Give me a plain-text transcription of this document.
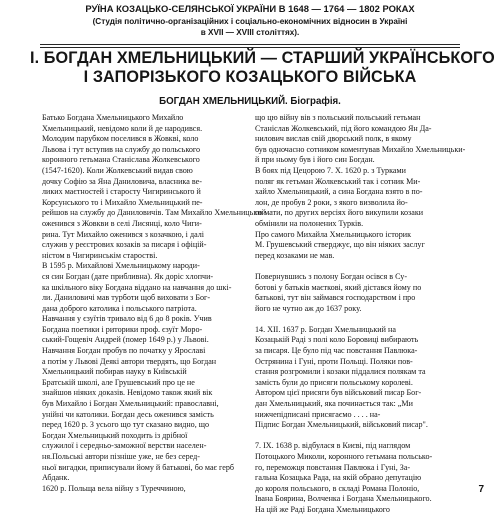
РУЇНА КОЗАЦЬКО-СЕЛЯНСЬКОЇ УКРАЇНИ В 1648 — 1764 — 1802 РОКАХ
(Студія політично-організаційних і соціально-економічних відносин в Україні
в XVII — XVIII століттях).
I. БОГДАН ХМЕЛЬНИЦЬКИЙ — СТАРШИЙ УКРАЇНСЬКОГО
І ЗАПОРІЗЬКОГО КОЗАЦЬКОГО ВІЙСЬКА
БОГДАН ХМЕЛЬНИЦЬКИЙ. Біографія.
Батько Богдана Хмельницького Михайло
Хмельницький, невідомо коли й де народився.
Молодим парубком поселився в Жовкві, коло
Львова і тут вступив на службу до польського
коронного гетьмана Станіслава Жолкевського
(1547-1620). Коли Жолкевський видав свою
дочку Софію за Яна Даниловича, власника ве-
ликих маєтностей і старосту Чигиринського й
Корсунського то і Михайло Хмельницький пе-
рейшов на службу до Даниловичів. Там Михайло Хмельницький
оженився з Жовкви в селі Лисянці, коло Чиги-
рина. Тут Михайло оженився з козачкою, і далі
служив у реєстрових козаків за писаря і офіцій-
ністом в Чигиринськім старостві.
В 1595 р. Михайлові Хмельницькому народи-
ся син Богдан (дате прибливна). Як доріс хлопчи-
ка шкільного віку Богдана віддано на навчання до шкі-
ли. Даниловичі мав турботи щоб виховати з Бог-
дана доброго католика і польського патріота.
Навчання у єзуїтів тривало від 6 до 8 років. Учив
Богдана поетики і риторики проф. єзуїт Моро-
ський-Гощевіч Андрей (помер 1649 р.) у Львові.
Навчання Богдан пробув по початку у Ярославі
а потім у Львові Деякі автори твердять, що Богдан
Хмельницький побирав науку в Київській
Братській школі, але Грушевський про це не
знайшов ніяких доказів. Невідомо також який вік
був Михайло і Богдан Хмельницький: православні,
унійні чи католики. Богдан десь оженився замість
перед 1620 р. З усього що тут сказано видно, що
Богдан Хмельницький походить із дрібної
служилої і середньо-заможної верстви населен-
ня.Польські автори пізніше уже, не без серед-
ньої вигадки, приписували йому й батькові, бо має герб
Абданк.
1620 р. Польща вела війну з Туреччиною,
що цю війну вів з польський польський гетьман
Станіслав Жолкевський, під його командою Ян Да-
нилович вислав свій дворський полк, в якому
був одночасно сотником коментував Михайло Хмельницьки-
й при ньому був і його син Богдан.
В боях під Цецорою 7. X. 1620 р. з Турками
поляг як гетьман Жолкевський так і сотник Ми-
хайло Хмельницький, а сина Богдана взято в по-
лон, де пробув 2 роки, з якого визволила йо-
го мати, по других версіях його викупили козаки
обмінили на полонених Турків.
Про самого Михайла Хмельницького історик
М. Грушевський стверджує, що він ніяких заслуг
перед козаками не мав.

Повернувшись з полону Богдан осівся в Су-
ботові у батьків маєткові, який дістався йому по
батькові, тут він займався господарством і про
його не чутно аж до 1637 року.

14. XII. 1637 р. Богдан Хмельницький на
Козацькій Раді з полі коло Боровиці вибирають
за писаря. Це було під час повстання Павлюка-
Острянина і Гуні, проти Польщі. Поляки пов-
стання розгромили і козаки піддалися полякам та
замість були до присяги польському королеві.
Автором цієї присяги був військовий писар Бог-
дан Хмельницький, яка починається так: „Ми
нижчепідписані присягаємо . . . . на-
Підпис Богдан Хмельницький, військовий писар".

7. IX. 1638 р. відбулася в Києві, під наглядом
Потоцького Миколи, коронного гетьмана польсько-
го, переможця повстання Павлюка і Гуні, За-
гальна Козацька Рада, на якій обрано депутацію
до короля польського, в складі Романа Полоніо,
Івана Боярина, Волченка і Богдана Хмельницького.
На цій же Раді Богдана Хмельницького
7
